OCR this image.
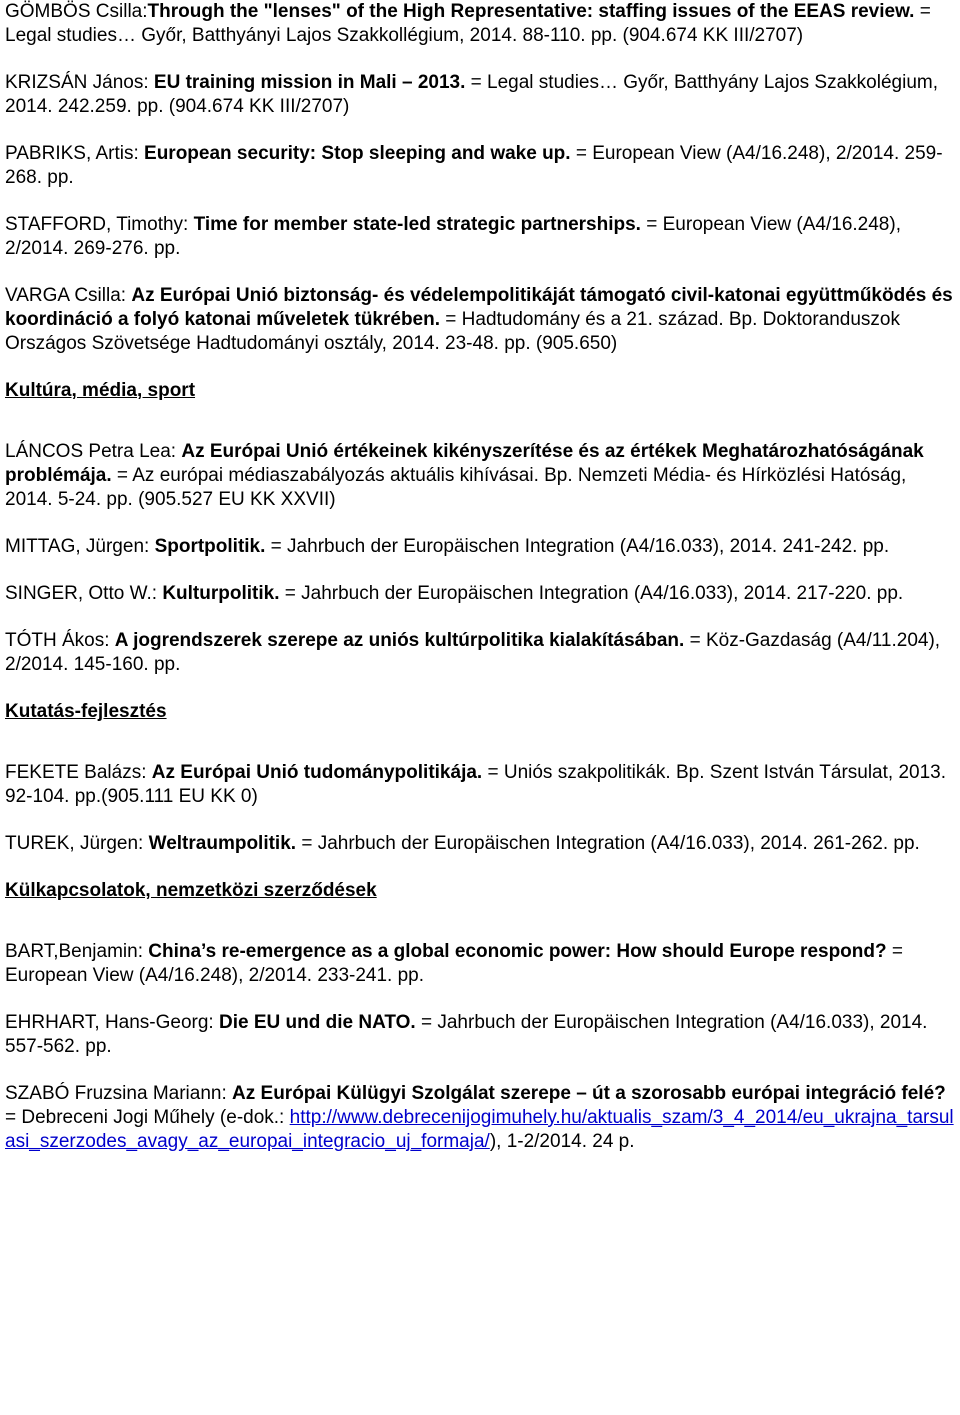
GÖMBÖS Csilla:Through the "lenses" of the High Representative: staffing issues of the EEAS review. = Legal studies… Győr, Batthyányi Lajos Szakkollégium, 2014. 88-110. pp. (904.674 KK III/2707)
KRIZSÁN János: EU training mission in Mali – 2013. = Legal studies… Győr, Batthyány Lajos Szakkolégium, 2014. 242.259. pp. (904.674 KK III/2707)
PABRIKS, Artis: European security: Stop sleeping and wake up. = European View (A4/16.248), 2/2014. 259-268. pp.
STAFFORD, Timothy: Time for member state-led strategic partnerships. = European View (A4/16.248), 2/2014. 269-276. pp.
VARGA Csilla: Az Európai Unió biztonság- és védelempolitikáját támogató civil-katonai együttműködés és koordináció a folyó katonai műveletek tükrében. = Hadtudomány és a 21. század. Bp. Doktoranduszok Országos Szövetsége Hadtudományi osztály, 2014. 23-48. pp. (905.650)
Kultúra, média, sport
LÁNCOS Petra Lea: Az Európai Unió értékeinek kikényszerítése és az értékek Meghatározhatóságának problémája. = Az európai médiaszabályozás aktuális kihívásai. Bp. Nemzeti Média- és Hírközlési Hatóság, 2014. 5-24. pp. (905.527 EU KK XXVII)
MITTAG, Jürgen: Sportpolitik. = Jahrbuch der Europäischen Integration (A4/16.033), 2014. 241-242. pp.
SINGER, Otto W.: Kulturpolitik. = Jahrbuch der Europäischen Integration (A4/16.033), 2014. 217-220. pp.
TÓTH Ákos: A jogrendszerek szerepe az uniós kultúrpolitika kialakításában. = Köz-Gazdaság (A4/11.204), 2/2014. 145-160. pp.
Kutatás-fejlesztés
FEKETE Balázs: Az Európai Unió tudománypolitikája. = Uniós szakpolitikák. Bp. Szent István Társulat, 2013. 92-104. pp.(905.111 EU KK 0)
TUREK, Jürgen: Weltraumpolitik. = Jahrbuch der Europäischen Integration (A4/16.033), 2014. 261-262. pp.
Külkapcsolatok, nemzetközi szerződések
BART,Benjamin: China’s re-emergence as a global economic power: How should Europe respond? = European View (A4/16.248), 2/2014. 233-241. pp.
EHRHART, Hans-Georg: Die EU und die NATO. = Jahrbuch der Europäischen Integration (A4/16.033), 2014. 557-562. pp.
SZABÓ Fruzsina Mariann: Az Európai Külügyi Szolgálat szerepe – út a szorosabb európai integráció felé? = Debreceni Jogi Műhely (e-dok.: http://www.debrecenijogimuhely.hu/aktualis_szam/3_4_2014/eu_ukrajna_tarsulasi_szerzodes_avagy_az_europai_integracio_uj_formaja/), 1-2/2014. 24 p.
